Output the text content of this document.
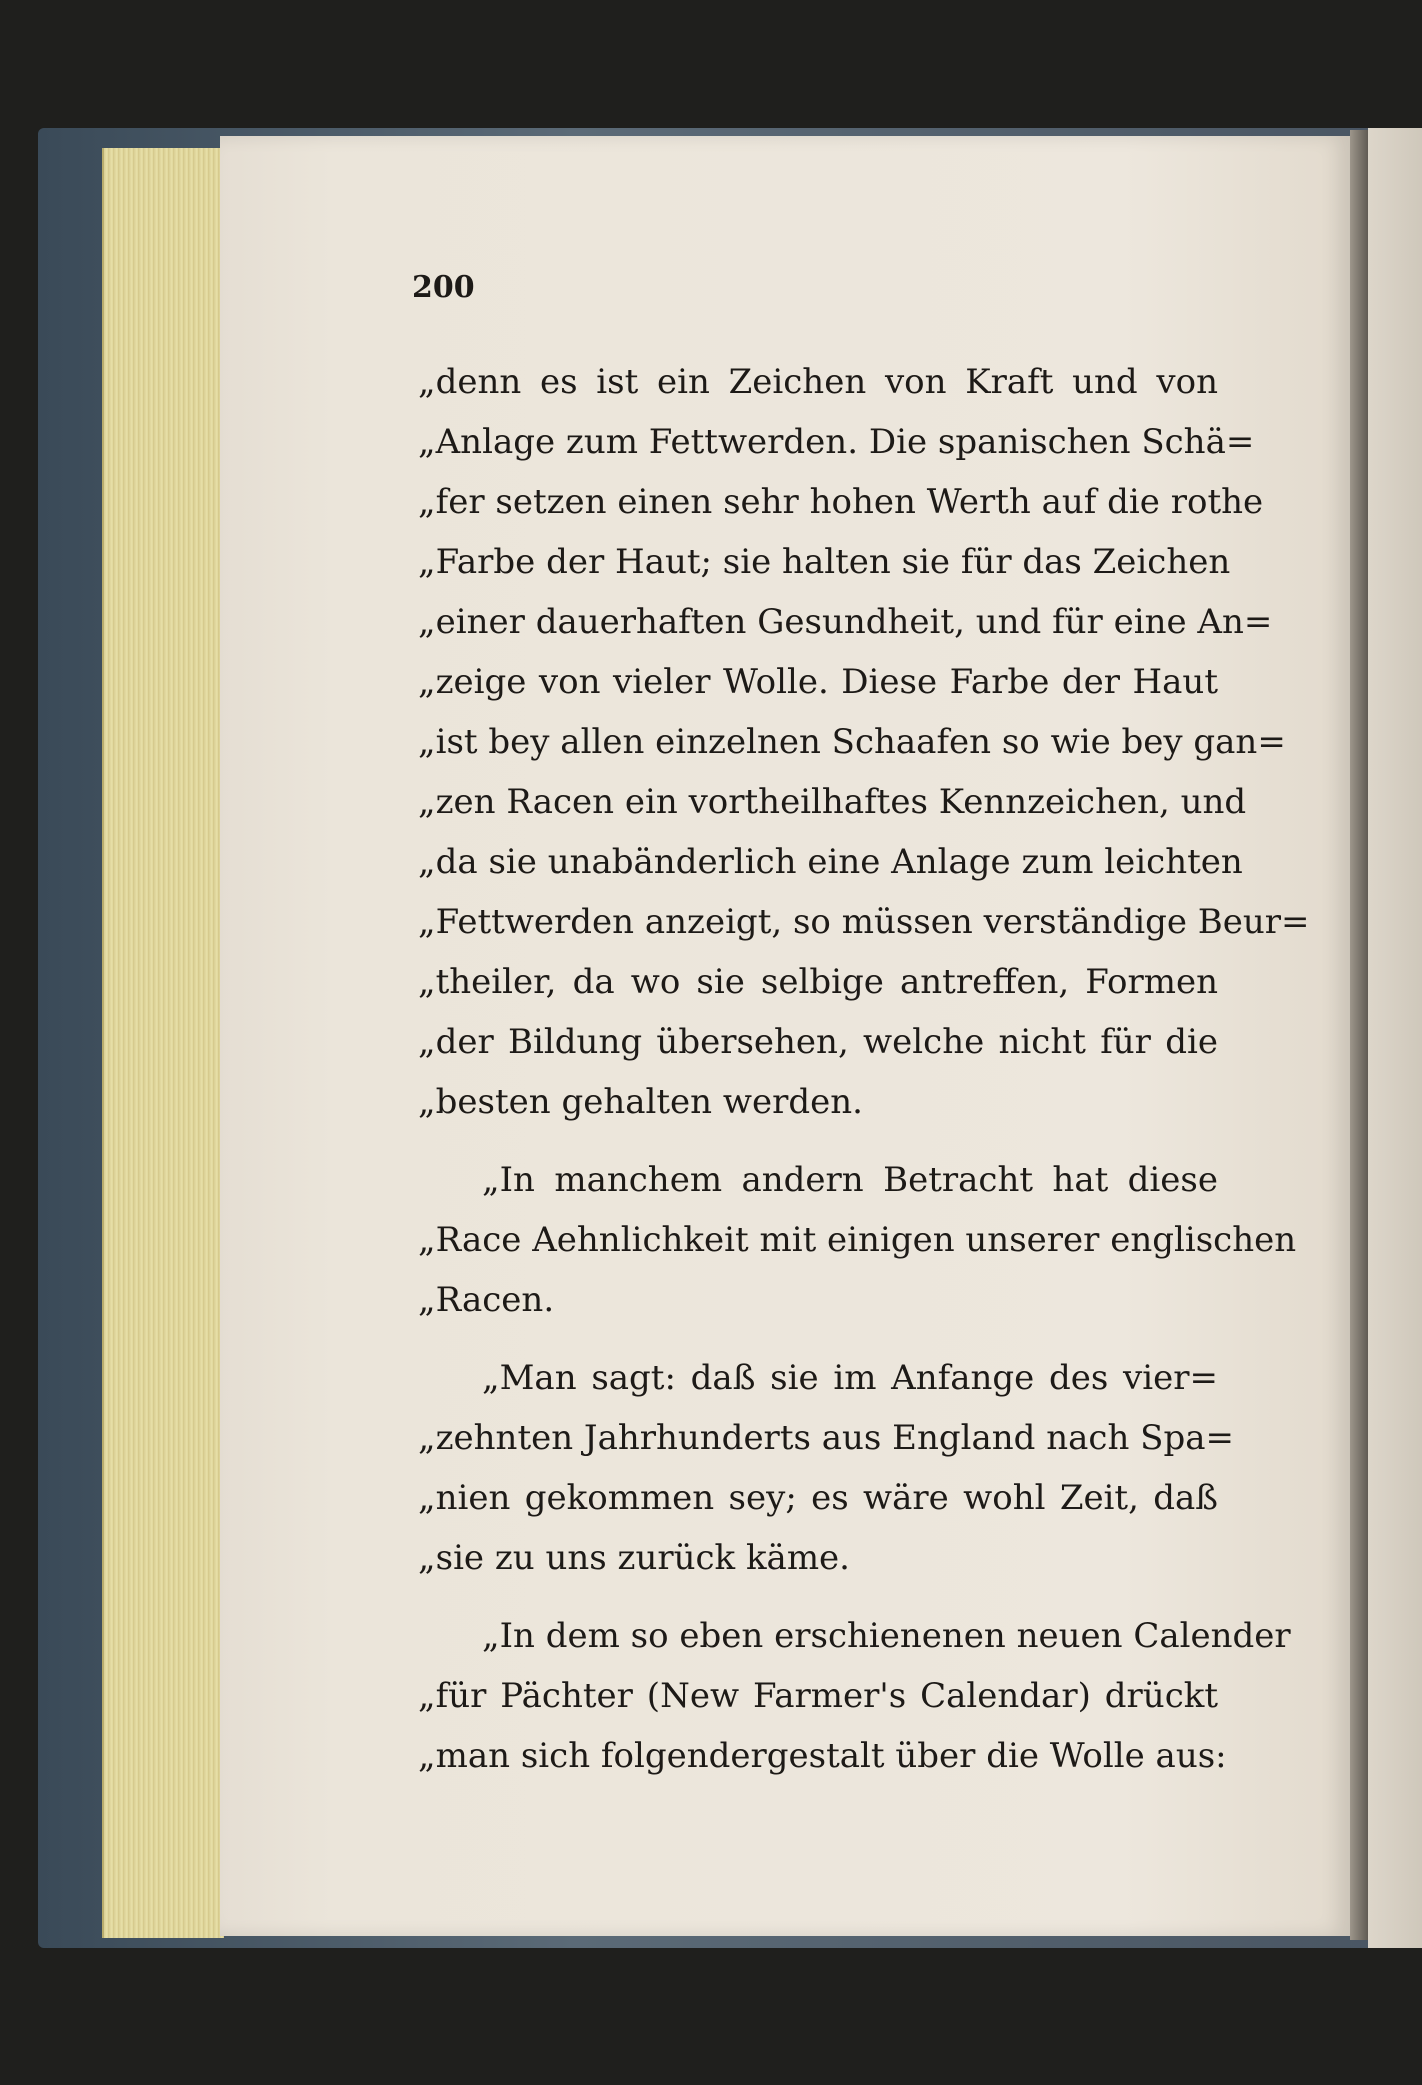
200

„denn es ist ein Zeichen von Kraft und von
„Anlage zum Fettwerden. Die spanischen Schä=
„fer setzen einen sehr hohen Werth auf die rothe
„Farbe der Haut; sie halten sie für das Zeichen
„einer dauerhaften Gesundheit, und für eine An=
„zeige von vieler Wolle. Diese Farbe der Haut
„ist bey allen einzelnen Schaafen so wie bey gan=
„zen Racen ein vortheilhaftes Kennzeichen, und
„da sie unabänderlich eine Anlage zum leichten
„Fettwerden anzeigt, so müssen verständige Beur=
„theiler, da wo sie selbige antreffen, Formen
„der Bildung übersehen, welche nicht für die
„besten gehalten werden.
„In manchem andern Betracht hat diese
„Race Aehnlichkeit mit einigen unserer englischen
„Racen.
„Man sagt: daß sie im Anfange des vier=
„zehnten Jahrhunderts aus England nach Spa=
„nien gekommen sey; es wäre wohl Zeit, daß
„sie zu uns zurück käme.
„In dem so eben erschienenen neuen Calender
„für Pächter (New Farmer's Calendar) drückt
„man sich folgendergestalt über die Wolle aus:
